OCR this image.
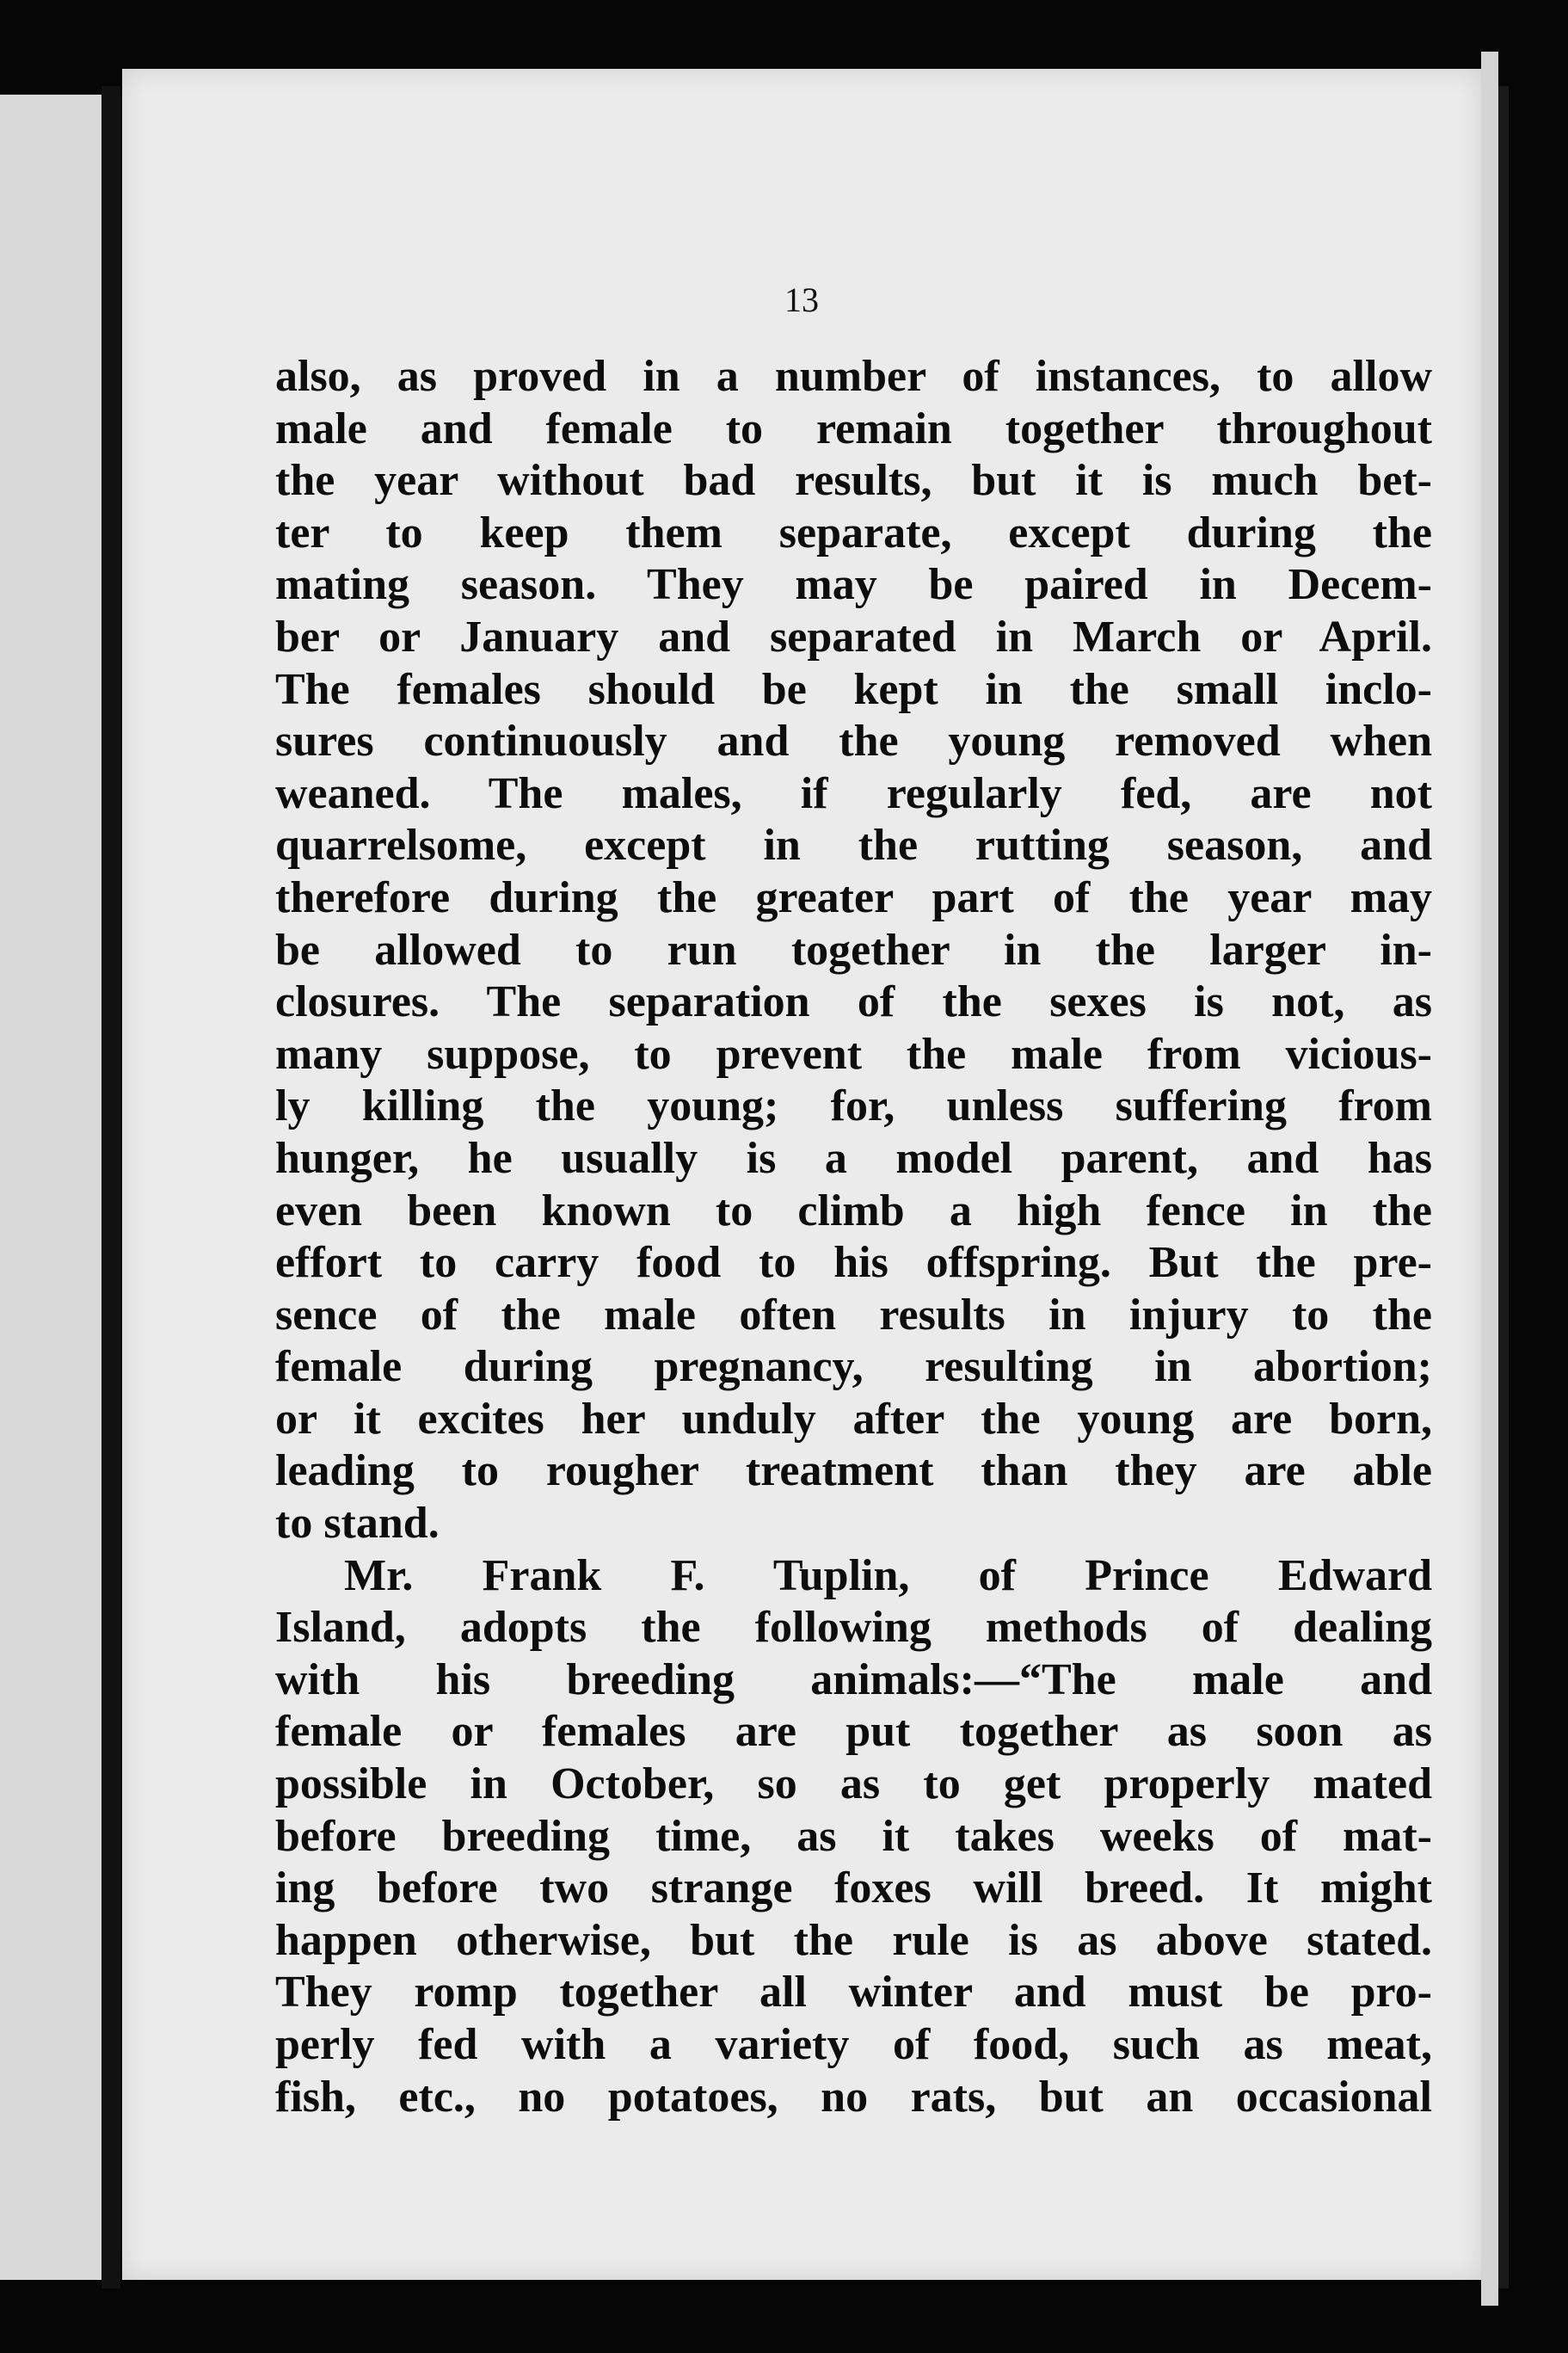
13
also, as proved in a number of instances, to allow
male and female to remain together throughout
the year without bad results, but it is much bet-
ter to keep them separate, except during the
mating season. They may be paired in Decem-
ber or January and separated in March or April.
The females should be kept in the small inclo-
sures continuously and the young removed when
weaned. The males, if regularly fed, are not
quarrelsome, except in the rutting season, and
therefore during the greater part of the year may
be allowed to run together in the larger in-
closures. The separation of the sexes is not, as
many suppose, to prevent the male from vicious-
ly killing the young; for, unless suffering from
hunger, he usually is a model parent, and has
even been known to climb a high fence in the
effort to carry food to his offspring. But the pre-
sence of the male often results in injury to the
female during pregnancy, resulting in abortion;
or it excites her unduly after the young are born,
leading to rougher treatment than they are able
to stand.
Mr. Frank F. Tuplin, of Prince Edward
Island, adopts the following methods of dealing
with his breeding animals:—“The male and
female or females are put together as soon as
possible in October, so as to get properly mated
before breeding time, as it takes weeks of mat-
ing before two strange foxes will breed. It might
happen otherwise, but the rule is as above stated.
They romp together all winter and must be pro-
perly fed with a variety of food, such as meat,
fish, etc., no potatoes, no rats, but an occasional
